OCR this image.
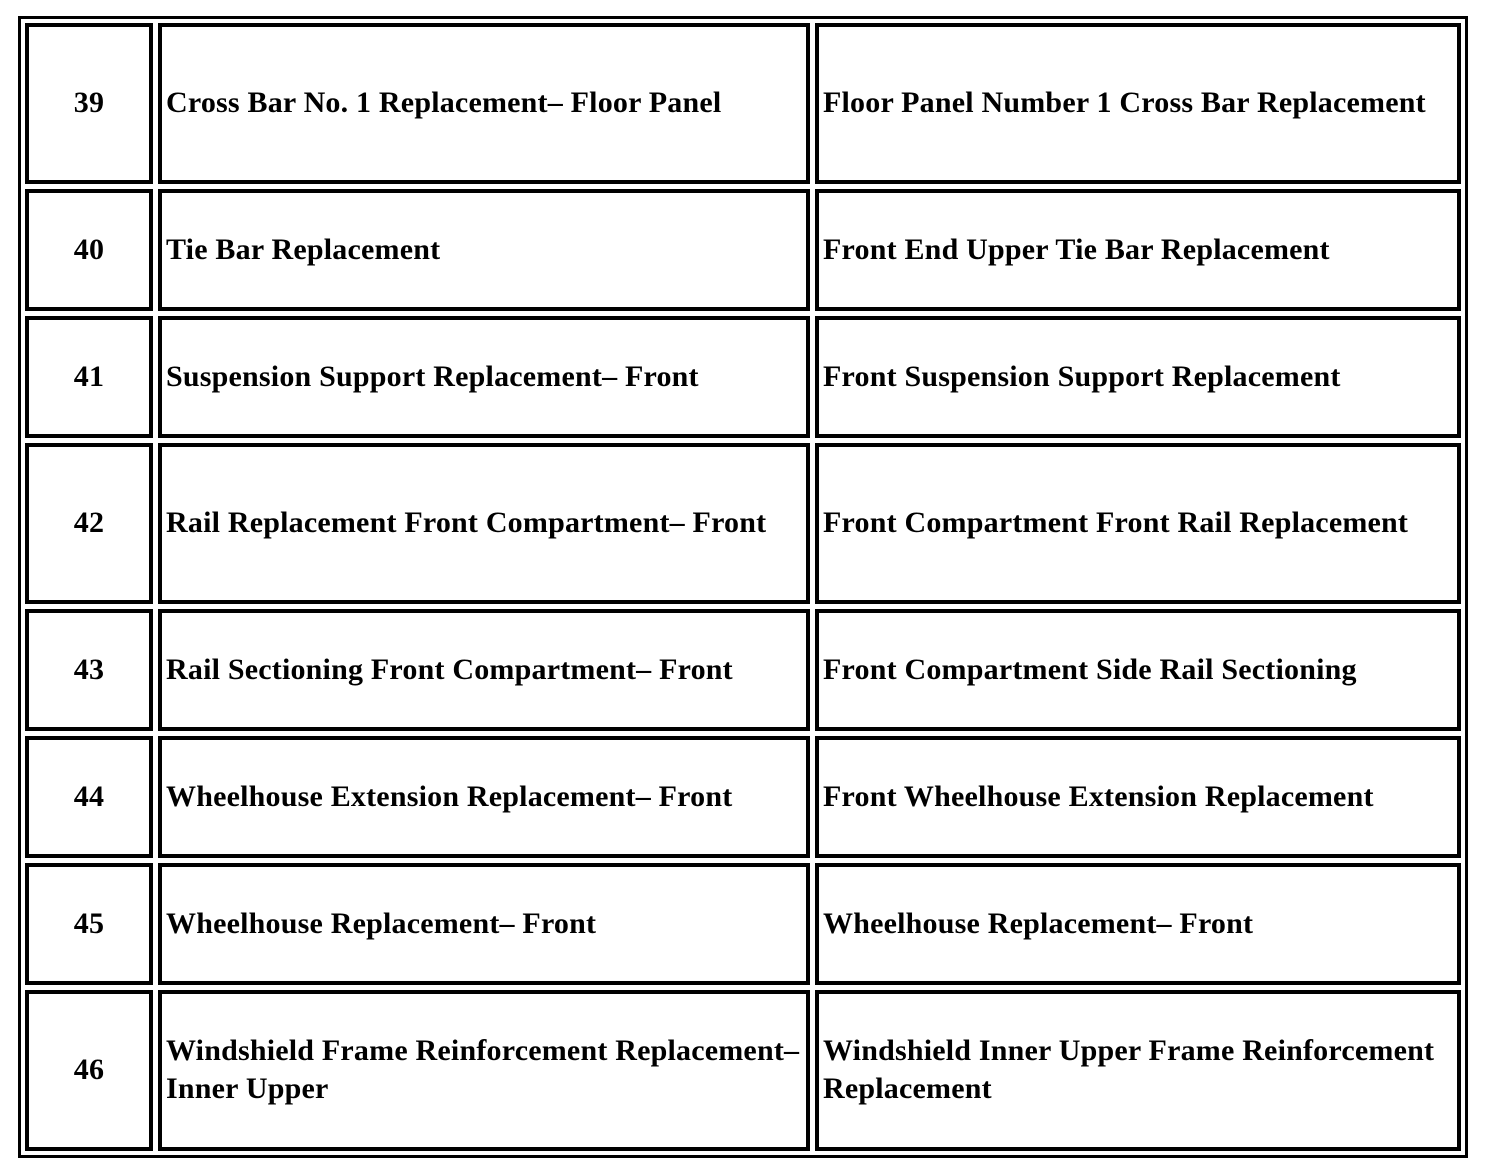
39	Cross Bar No. 1 Replacement– Floor Panel	Floor Panel Number 1 Cross Bar Replacement
40	Tie Bar Replacement	Front End Upper Tie Bar Replacement
41	Suspension Support Replacement– Front	Front Suspension Support Replacement
42	Rail Replacement Front Compartment– Front	Front Compartment Front Rail Replacement
43	Rail Sectioning Front Compartment– Front	Front Compartment Side Rail Sectioning
44	Wheelhouse Extension Replacement– Front	Front Wheelhouse Extension Replacement
45	Wheelhouse Replacement– Front	Wheelhouse Replacement– Front
46	Windshield Frame Reinforcement Replacement– Inner Upper	Windshield Inner Upper Frame Reinforcement Replacement
